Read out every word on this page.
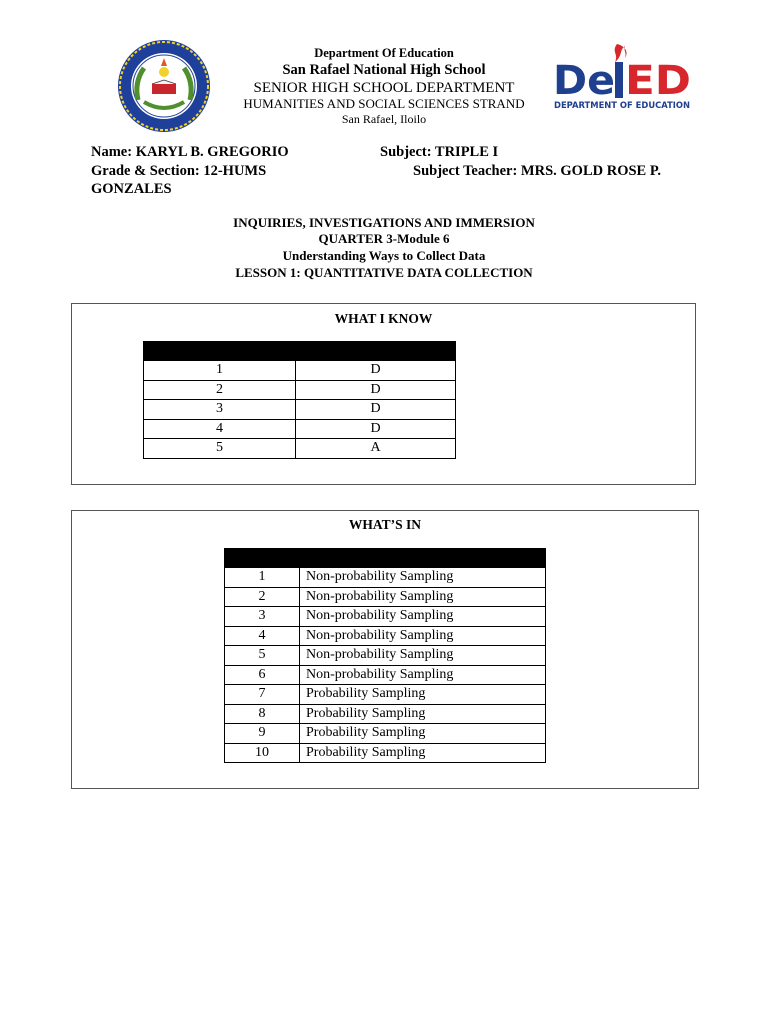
Department Of Education
San Rafael National High School
SENIOR HIGH SCHOOL DEPARTMENT
HUMANITIES AND SOCIAL SCIENCES STRAND
San Rafael, Iloilo
De ED
DEPARTMENT OF EDUCATION
Name: KARYL B. GREGORIO	Subject: TRIPLE I
Grade & Section: 12-HUMS	Subject Teacher: MRS. GOLD ROSE P.
GONZALES
INQUIRIES, INVESTIGATIONS AND IMMERSION
QUARTER 3-Module 6
Understanding Ways to Collect Data
LESSON 1: QUANTITATIVE DATA COLLECTION
WHAT I KNOW

1	D
2	D
3	D
4	D
5	A
WHAT’S IN

1	Non-probability Sampling
2	Non-probability Sampling
3	Non-probability Sampling
4	Non-probability Sampling
5	Non-probability Sampling
6	Non-probability Sampling
7	Probability Sampling
8	Probability Sampling
9	Probability Sampling
10	Probability Sampling
